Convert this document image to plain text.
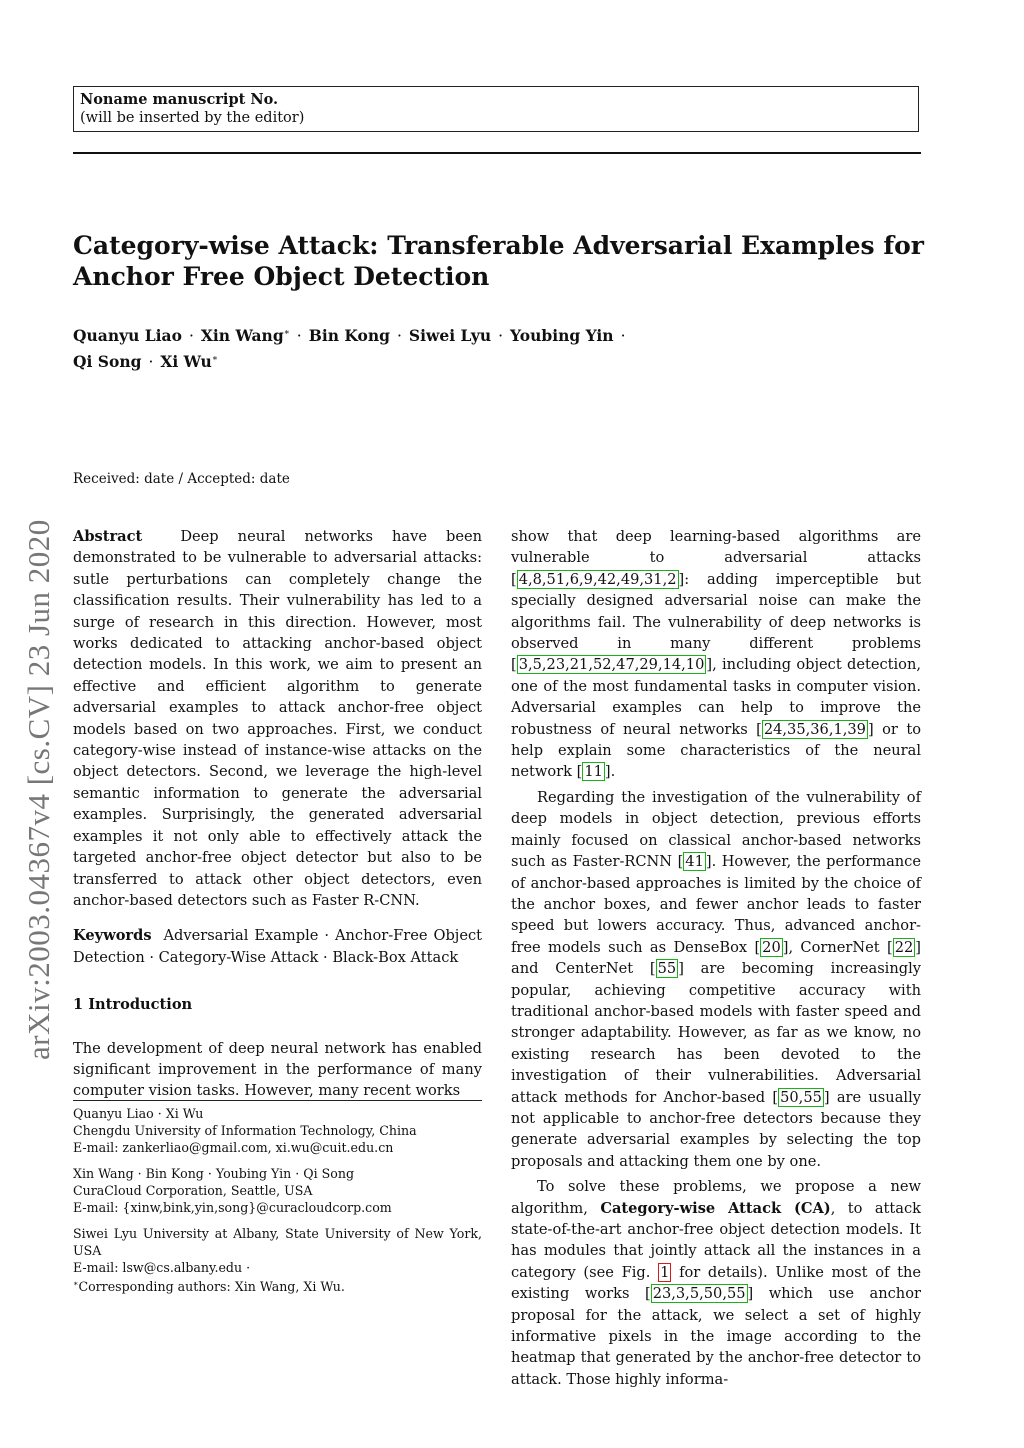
Noname manuscript No.
(will be inserted by the editor)
Category-wise Attack: Transferable Adversarial Examples for Anchor Free Object Detection
Quanyu Liao · Xin Wang∗ · Bin Kong · Siwei Lyu · Youbing Yin ·
Qi Song · Xi Wu∗
arXiv:2003.04367v4 [cs.CV] 23 Jun 2020
Received: date / Accepted: date

Abstract	Deep neural networks have been demonstrated to be vulnerable to adversarial attacks: sutle perturbations can completely change the classification results. Their vulnerability has led to a surge of research in this direction. However, most works dedicated to attacking anchor-based object detection models. In this work, we aim to present an effective and efficient algorithm to generate adversarial examples to attack anchor-free object models based on two approaches. First, we conduct category-wise instead of instance-wise attacks on the object detectors. Second, we leverage the high-level semantic information to generate the adversarial examples. Surprisingly, the generated adversarial examples it not only able to effectively attack the targeted anchor-free object detector but also to be transferred to attack other object detectors, even anchor-based detectors such as Faster R-CNN.

Keywords Adversarial Example · Anchor-Free Object Detection · Category-Wise Attack · Black-Box Attack

1 Introduction

The development of deep neural network has enabled significant improvement in the performance of many computer vision tasks. However, many recent works

Quanyu Liao · Xi Wu
Chengdu University of Information Technology, China
E-mail: zankerliao@gmail.com, xi.wu@cuit.edu.cn
Xin Wang · Bin Kong · Youbing Yin · Qi Song
CuraCloud Corporation, Seattle, USA
E-mail: {xinw,bink,yin,song}@curacloudcorp.com
Siwei Lyu University at Albany, State University of New York, USA
E-mail: lsw@cs.albany.edu ·
∗Corresponding authors: Xin Wang, Xi Wu.

show that deep learning-based algorithms are vulnerable to adversarial attacks [ 4,8,51,6,9,42,49,31,2 ]: adding imperceptible but specially designed adversarial noise can make the algorithms fail. The vulnerability of deep networks is observed in many different problems [ 3,5,23,21,52,47,29,14,10 ], including object detection, one of the most fundamental tasks in computer vision. Adversarial examples can help to improve the robustness of neural networks [ 24,35,36,1,39 ] or to help explain some characteristics of the neural network [ 11 ].

Regarding the investigation of the vulnerability of deep models in object detection, previous efforts mainly focused on classical anchor-based networks such as Faster-RCNN [ 41 ]. However, the performance of anchor-based approaches is limited by the choice of the anchor boxes, and fewer anchor leads to faster speed but lowers accuracy. Thus, advanced anchor-free models such as DenseBox [ 20 ], CornerNet [ 22 ] and CenterNet [ 55 ] are becoming increasingly popular, achieving competitive accuracy with traditional anchor-based models with faster speed and stronger adaptability. However, as far as we know, no existing research has been devoted to the investigation of their vulnerabilities. Adversarial attack methods for Anchor-based [ 50,55 ] are usually not applicable to anchor-free detectors because they generate adversarial examples by selecting the top proposals and attacking them one by one.

To solve these problems, we propose a new algorithm, Category-wise Attack (CA), to attack state-of-the-art anchor-free object detection models. It has modules that jointly attack all the instances in a category (see Fig. 1 for details). Unlike most of the existing works [ 23,3,5,50,55 ] which use anchor proposal for the attack, we select a set of highly informative pixels in the image according to the heatmap that generated by the anchor-free detector to attack. Those highly informa-
